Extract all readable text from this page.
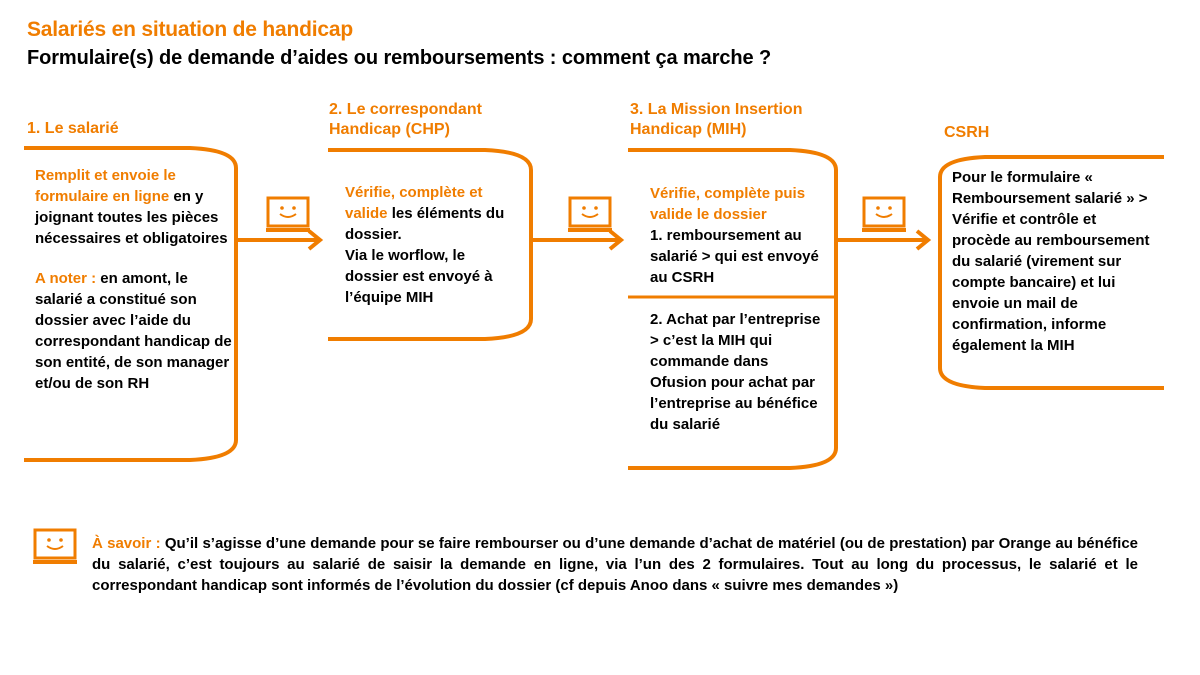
Salariés en situation de handicap
Formulaire(s) de demande d’aides ou remboursements : comment ça marche ?
1. Le salarié

Remplit et envoie le formulaire en ligne en y joignant toutes les pièces nécessaires et obligatoires

A noter : en amont, le salarié a constitué son dossier avec l’aide du correspondant handicap de son entité, de son manager et/ou de son RH

2. Le correspondant
Handicap (CHP)

Vérifie, complète et valide les éléments du dossier.

Via le worflow, le dossier est envoyé à l’équipe MIH

3. La Mission Insertion
Handicap (MIH)

Vérifie, complète puis valide le dossier

1. remboursement au salarié > qui est envoyé au CSRH

2. Achat par l’entreprise > c’est la MIH qui commande dans Ofusion pour achat par l’entreprise au bénéfice du salarié
CSRH
Pour le formulaire « Remboursement salarié » > Vérifie et contrôle et procède au remboursement du salarié (virement sur compte bancaire) et lui envoie un mail de confirmation, informe également la MIH
À savoir : Qu’il s’agisse d’une demande pour se faire rembourser ou d’une demande d’achat de matériel (ou de prestation) par Orange au bénéfice du salarié, c’est toujours au salarié de saisir la demande en ligne, via l’un des 2 formulaires. Tout au long du processus, le salarié et le correspondant handicap sont informés de l’évolution du dossier (cf depuis Anoo dans « suivre mes demandes »)
